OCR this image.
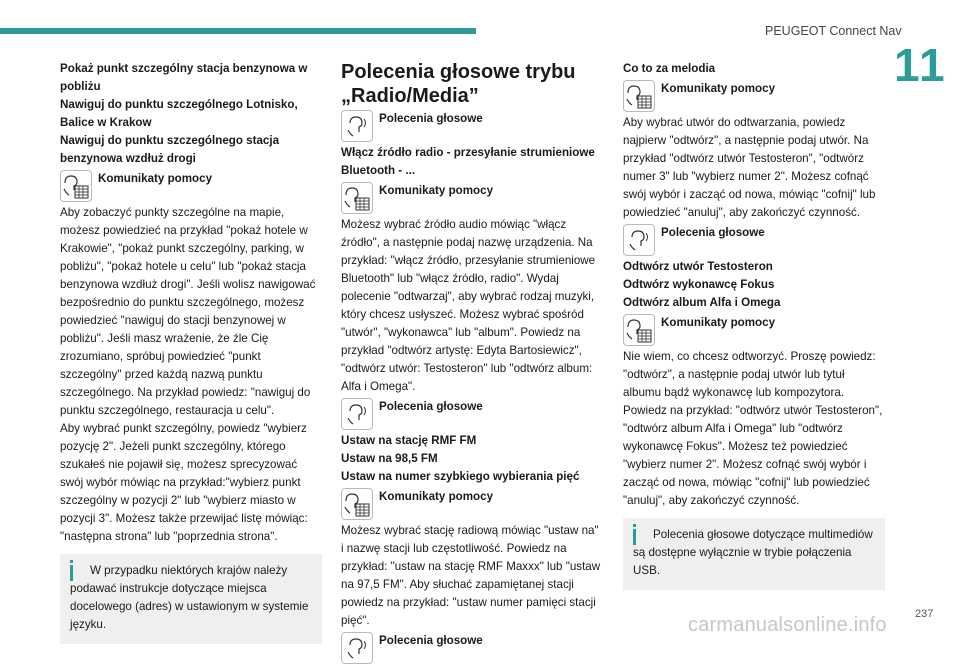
PEUGEOT Connect Nav
11
237
carmanualsonline.info
Pokaż punkt szczególny stacja benzynowa w pobliżu
Nawiguj do punktu szczególnego Lotnisko, Balice w Krakow
Nawiguj do punktu szczególnego stacja benzynowa wzdłuż drogi
Komunikaty pomocy
Aby zobaczyć punkty szczególne na mapie, możesz powiedzieć na przykład "pokaż hotele w Krakowie", "pokaż punkt szczególny, parking, w pobliżu", "pokaż hotele u celu" lub "pokaż stacja benzynowa wzdłuż drogi". Jeśli wolisz nawigować bezpośrednio do punktu szczególnego, możesz powiedzieć "nawiguj do stacji benzynowej w pobliżu". Jeśli masz wrażenie, że źle Cię zrozumiano, spróbuj powiedzieć "punkt szczególny" przed każdą nazwą punktu szczególnego. Na przykład powiedz: "nawiguj do punktu szczególnego, restauracja u celu".
Aby wybrać punkt szczególny, powiedz "wybierz pozycję 2". Jeżeli punkt szczególny, którego szukałeś nie pojawił się, możesz sprecyzować swój wybór mówiąc na przykład:"wybierz punkt szczególny w pozycji 2" lub "wybierz miasto w pozycji 3". Możesz także przewijać listę mówiąc: "następna strona" lub "poprzednia strona".
W przypadku niektórych krajów należy podawać instrukcje dotyczące miejsca docelowego (adres) w ustawionym w systemie języku.
Polecenia głosowe trybu „Radio/Media”
Polecenia głosowe
Włącz źródło radio - przesyłanie strumieniowe Bluetooth - ...
Komunikaty pomocy
Możesz wybrać źródło audio mówiąc "włącz źródło", a następnie podaj nazwę urządzenia. Na przykład: "włącz źródło, przesyłanie strumieniowe Bluetooth" lub "włącz źródło, radio". Wydaj polecenie "odtwarzaj", aby wybrać rodzaj muzyki, który chcesz usłyszeć. Możesz wybrać spośród "utwór", "wykonawca" lub "album". Powiedz na przykład "odtwórz artystę: Edyta Bartosiewicz", "odtwórz utwór: Testosteron" lub "odtwórz album: Alfa i Omega".
Polecenia głosowe
Ustaw na stację RMF FM
Ustaw na 98,5 FM
Ustaw na numer szybkiego wybierania pięć
Komunikaty pomocy
Możesz wybrać stację radiową mówiąc "ustaw na" i nazwę stacji lub częstotliwość. Powiedz na przykład: "ustaw na stację RMF Maxxx" lub "ustaw na 97,5 FM". Aby słuchać zapamiętanej stacji powiedz na przykład: "ustaw numer pamięci stacji pięć".
Polecenia głosowe
Co to za melodia
Komunikaty pomocy
Aby wybrać utwór do odtwarzania, powiedz najpierw "odtwórz", a następnie podaj utwór. Na przykład "odtwórz utwór Testosteron", "odtwórz numer 3" lub "wybierz numer 2". Możesz cofnąć swój wybór i zacząć od nowa, mówiąc "cofnij" lub powiedzieć "anuluj", aby zakończyć czynność.
Polecenia głosowe
Odtwórz utwór Testosteron
Odtwórz wykonawcę Fokus
Odtwórz album Alfa i Omega
Komunikaty pomocy
Nie wiem, co chcesz odtworzyć. Proszę powiedz: "odtwórz", a następnie podaj utwór lub tytuł albumu bądź wykonawcę lub kompozytora. Powiedz na przykład: "odtwórz utwór Testosteron", "odtwórz album Alfa i Omega" lub "odtwórz wykonawcę Fokus". Możesz też powiedzieć "wybierz numer 2". Możesz cofnąć swój wybór i zacząć od nowa, mówiąc "cofnij" lub powiedzieć "anuluj", aby zakończyć czynność.
Polecenia głosowe dotyczące multimediów są dostępne wyłącznie w trybie połączenia USB.
